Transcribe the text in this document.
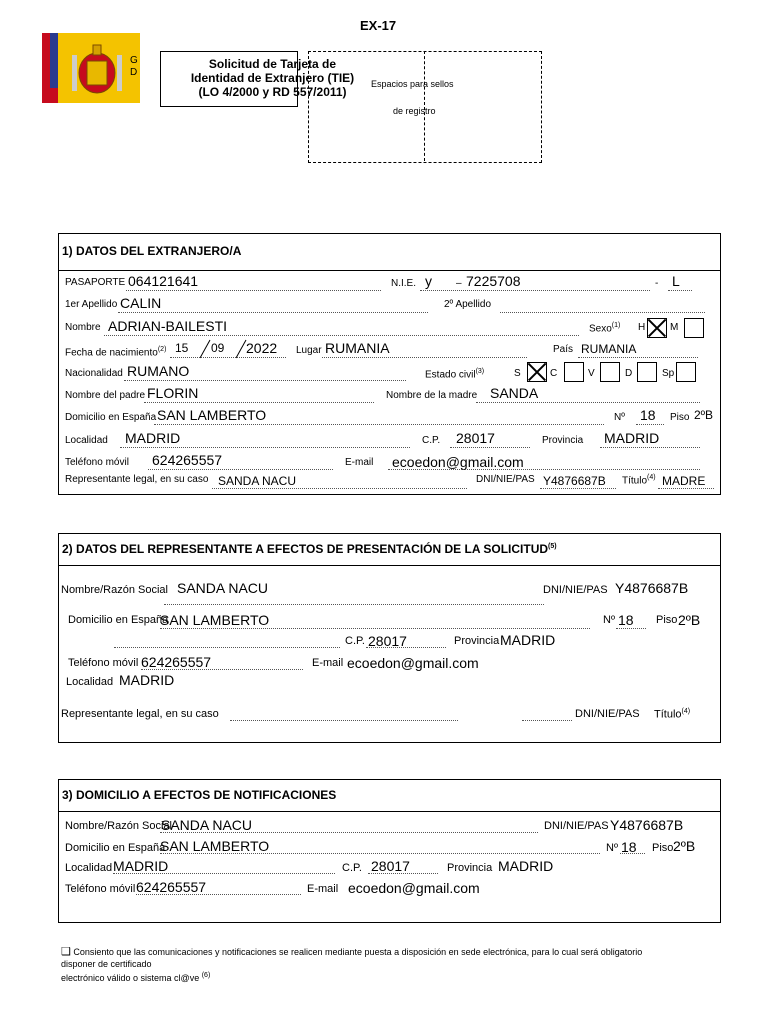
EX-17
G
D
Solicitud de Tarjeta de
Identidad de Extranjero (TIE)
(LO 4/2000 y RD 557/2011)
Espacios para sellos
de registro
1) DATOS DEL EXTRANJERO/A
PASAPORTE 064121641	N.I.E. y – 7225708	- L
1er Apellido CALIN	2º Apellido
Nombre ADRIAN-BAILESTI	Sexo$^{(1)}$ H M
Fecha de nacimiento$^{(2)}$ 15 09 2022 Lugar RUMANIA	País RUMANIA
Nacionalidad RUMANO	Estado civil$^{(3)}$	S	C	V	D	Sp
Nombre del padre FLORIN	Nombre de la madre SANDA
Domicilio en España SAN LAMBERTO	Nº 18 Piso 2ºB
Localidad MADRID	C.P. 28017	Provincia MADRID
Teléfono móvil 624265557	E-mail ecoedon@gmail.com
Representante legal, en su caso SANDA NACU	DNI/NIE/PAS Y4876687B Título$^{(4)}$ MADRE
2) DATOS DEL REPRESENTANTE A EFECTOS DE PRESENTACIÓN DE LA SOLICITUD$^{(5)}$
Nombre/Razón Social SANDA NACU	DNI/NIE/PAS Y4876687B
Domicilio en España
SAN LAMBERTO	Nº 18 Piso 2ºB
C.P. 28017	Provincia MADRID
Teléfono móvil 624265557	E-mail ecoedon@gmail.com
Localidad MADRID
Representante legal, en su caso	DNI/NIE/PAS Título$^{(4)}$
3) DOMICILIO A EFECTOS DE NOTIFICACIONES
Nombre/Razón Social
SANDA NACU	DNI/NIE/PAS Y4876687B
Domicilio en España
SAN LAMBERTO	Nº 18 Piso 2ºB
Localidad MADRID	C.P. 28017	Provincia MADRID
Teléfono móvil 624265557	E-mail ecoedon@gmail.com
❑ Consiento que las comunicaciones y notificaciones se realicen mediante puesta a disposición en sede electrónica, para lo cual será obligatorio
disponer de certificado
electrónico válido o sistema cl@ve $^{(6)}$
